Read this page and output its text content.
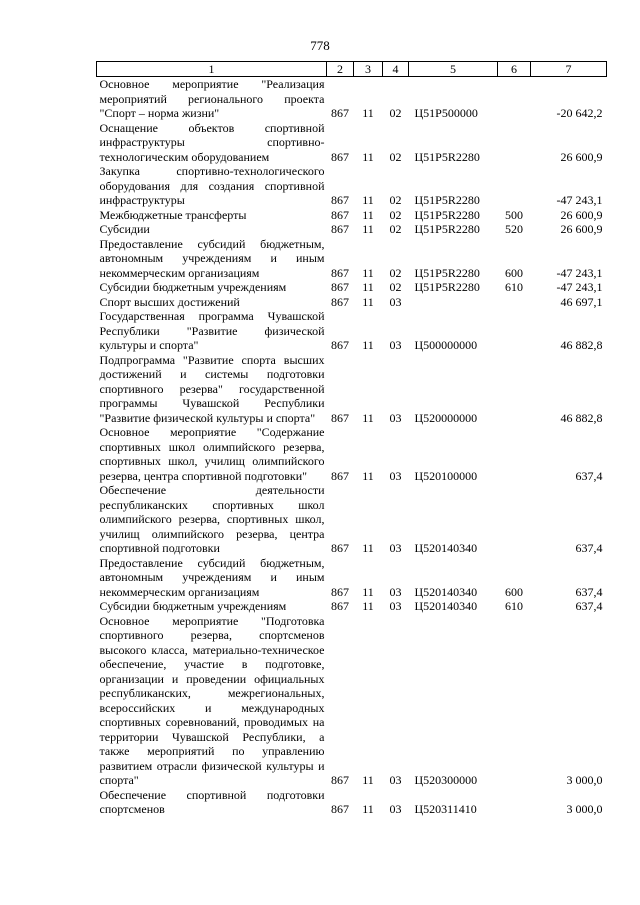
778
1	2	3	4	5	6	7
Основное мероприятие "Реализация мероприятий регионального проекта "Спорт – норма жизни"	867	11	02	Ц51Р500000		-20 642,2
Оснащение объектов спортивной инфраструктуры спортивно-технологическим оборудованием	867	11	02	Ц51Р5R2280		26 600,9
Закупка спортивно-технологического оборудования для создания спортивной инфраструктуры	867	11	02	Ц51Р5R2280		-47 243,1
Межбюджетные трансферты	867	11	02	Ц51Р5R2280	500	26 600,9
Субсидии	867	11	02	Ц51Р5R2280	520	26 600,9
Предоставление субсидий бюджетным, автономным учреждениям и иным некоммерческим организациям	867	11	02	Ц51Р5R2280	600	-47 243,1
Субсидии бюджетным учреждениям	867	11	02	Ц51Р5R2280	610	-47 243,1
Спорт высших достижений	867	11	03			46 697,1
Государственная программа Чувашской Республики "Развитие физической культуры и спорта"	867	11	03	Ц500000000		46 882,8
Подпрограмма "Развитие спорта высших достижений и системы подготовки спортивного резерва" государственной программы Чувашской Республики "Развитие физической культуры и спорта"	867	11	03	Ц520000000		46 882,8
Основное мероприятие "Содержание спортивных школ олимпийского резерва, спортивных школ, училищ олимпийского резерва, центра спортивной подготовки"	867	11	03	Ц520100000		637,4
Обеспечение деятельности республиканских спортивных школ олимпийского резерва, спортивных школ, училищ олимпийского резерва, центра спортивной подготовки	867	11	03	Ц520140340		637,4
Предоставление субсидий бюджетным, автономным учреждениям и иным некоммерческим организациям	867	11	03	Ц520140340	600	637,4
Субсидии бюджетным учреждениям	867	11	03	Ц520140340	610	637,4
Основное мероприятие "Подготовка спортивного резерва, спортсменов высокого класса, материально-техническое обеспечение, участие в подготовке, организации и проведении официальных республиканских, межрегиональных, всероссийских и международных спортивных соревнований, проводимых на территории Чувашской Республики, а также мероприятий по управлению развитием отрасли физической культуры и спорта"	867	11	03	Ц520300000		3 000,0
Обеспечение спортивной подготовки спортсменов	867	11	03	Ц520311410		3 000,0
